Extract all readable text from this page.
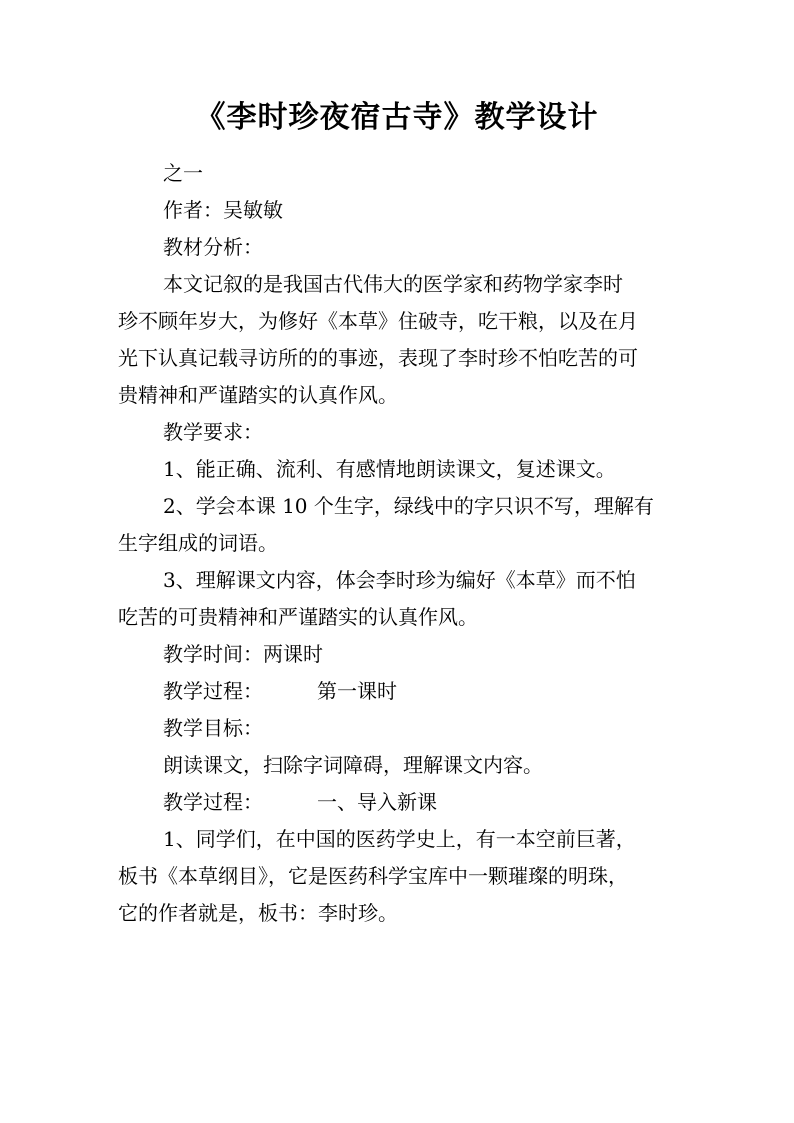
《李时珍夜宿古寺》教学设计

之一

作者：吴敏敏

教材分析：

本文记叙的是我国古代伟大的医学家和药物学家李时

珍不顾年岁大，为修好《本草》住破寺，吃干粮，以及在月

光下认真记载寻访所的的事迹，表现了李时珍不怕吃苦的可

贵精神和严谨踏实的认真作风。

教学要求：

1、能正确、流利、有感情地朗读课文，复述课文。

2、学会本课 10 个生字，绿线中的字只识不写，理解有

生字组成的词语。

3、理解课文内容，体会李时珍为编好《本草》而不怕

吃苦的可贵精神和严谨踏实的认真作风。

教学时间：两课时

教学过程：	第一课时

教学目标：

朗读课文，扫除字词障碍，理解课文内容。

教学过程：	一、导入新课

1、同学们，在中国的医药学史上，有一本空前巨著，

板书《本草纲目》，它是医药科学宝库中一颗璀璨的明珠，

它的作者就是，板书：李时珍。
